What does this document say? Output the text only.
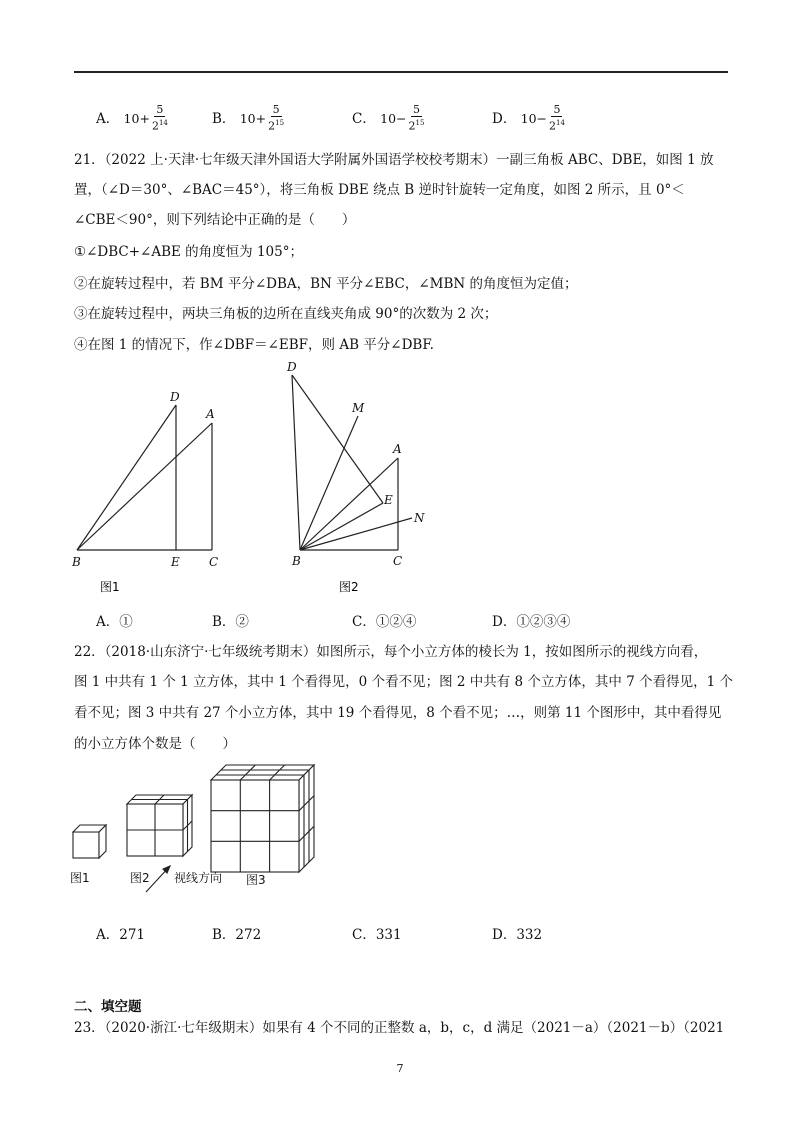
A． $10 + \frac{5}{2^{14}}$	B． $10 + \frac{5}{2^{15}}$	C． $10 - \frac{5}{2^{15}}$	D． $10 - \frac{5}{2^{14}}$
21．（2022 上·天津·七年级天津外国语大学附属外国语学校校考期末）一副三角板 ABC、DBE，如图 1 放
置，（∠D＝30°、∠BAC＝45°），将三角板 DBE 绕点 B 逆时针旋转一定角度，如图 2 所示，且 0°＜
∠CBE＜90°，则下列结论中正确的是（　　）
①∠DBC+∠ABE 的角度恒为 105°；
②在旋转过程中，若 BM 平分∠DBA，BN 平分∠EBC，∠MBN 的角度恒为定值；
③在旋转过程中，两块三角板的边所在直线夹角成 90°的次数为 2 次；
④在图 1 的情况下，作∠DBF＝∠EBF，则 AB 平分∠DBF.
D
A
B	E C
图1
D
M
A
E
N
B	C
图2
A．①	B．②	C．①②④	D．①②③④
22．（2018·山东济宁·七年级统考期末）如图所示，每个小立方体的棱长为 1，按如图所示的视线方向看，
图 1 中共有 1 个 1 立方体，其中 1 个看得见，0 个看不见；图 2 中共有 8 个立方体，其中 7 个看得见，1 个
看不见；图 3 中共有 27 个小立方体，其中 19 个看得见，8 个看不见；…，则第 11 个图形中，其中看得见
的小立方体个数是（　　）
图1	图2 视线方向 图3
A．271	B．272	C．331	D．332
二、填空题
23．（2020·浙江·七年级期末）如果有 4 个不同的正整数 a，b，c，d 满足（2021－a）（2021－b）（2021
7
